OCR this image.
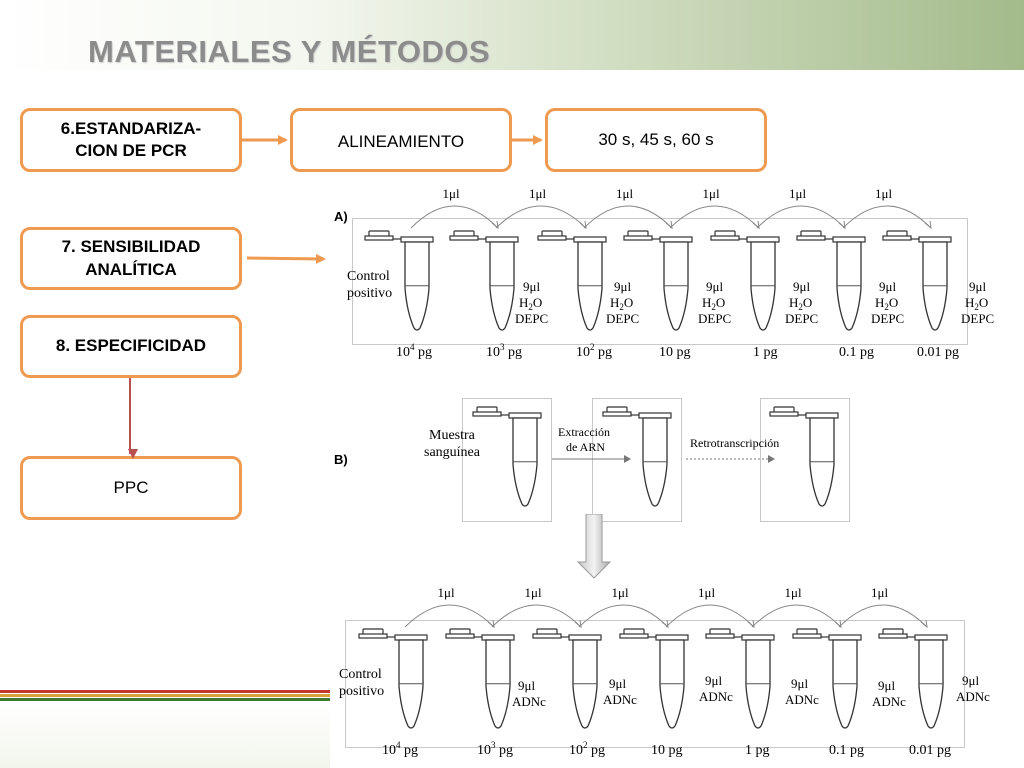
MATERIALES Y MÉTODOS
6.ESTANDARIZA-
CION DE PCR	ALINEAMIENTO	30 s, 45 s, 60 s
7. SENSIBILIDAD
ANALÍTICA
8. ESPECIFICIDAD
PPC
A)
1μl	1μl	1μl	1μl	1μl	1μl
Control
positivo	9μl
$H_2O$
DEPC
9μl
$H_2O$
DEPC
9μl
$H_2O$
DEPC
9μl
$H_2O$
DEPC
9μl
$H_2O$
DEPC
9μl
$H_2O$
DEPC
$10^4$ pg	$10^3$ pg	$10^2$ pg	10 pg	1 pg	0.1 pg	0.01 pg
B)
Muestra
sanguínea
Extracción
de ARN	Retrotranscripción
1μl	1μl	1μl	1μl	1μl	1μl
Control
positivo	9μl
ADNc
9μl
ADNc
9μl
ADNc
9μl
ADNc
9μl
ADNc
9μl
ADNc
$10^4$ pg	$10^3$ pg	$10^2$ pg	10 pg	1 pg	0.1 pg	0.01 pg
